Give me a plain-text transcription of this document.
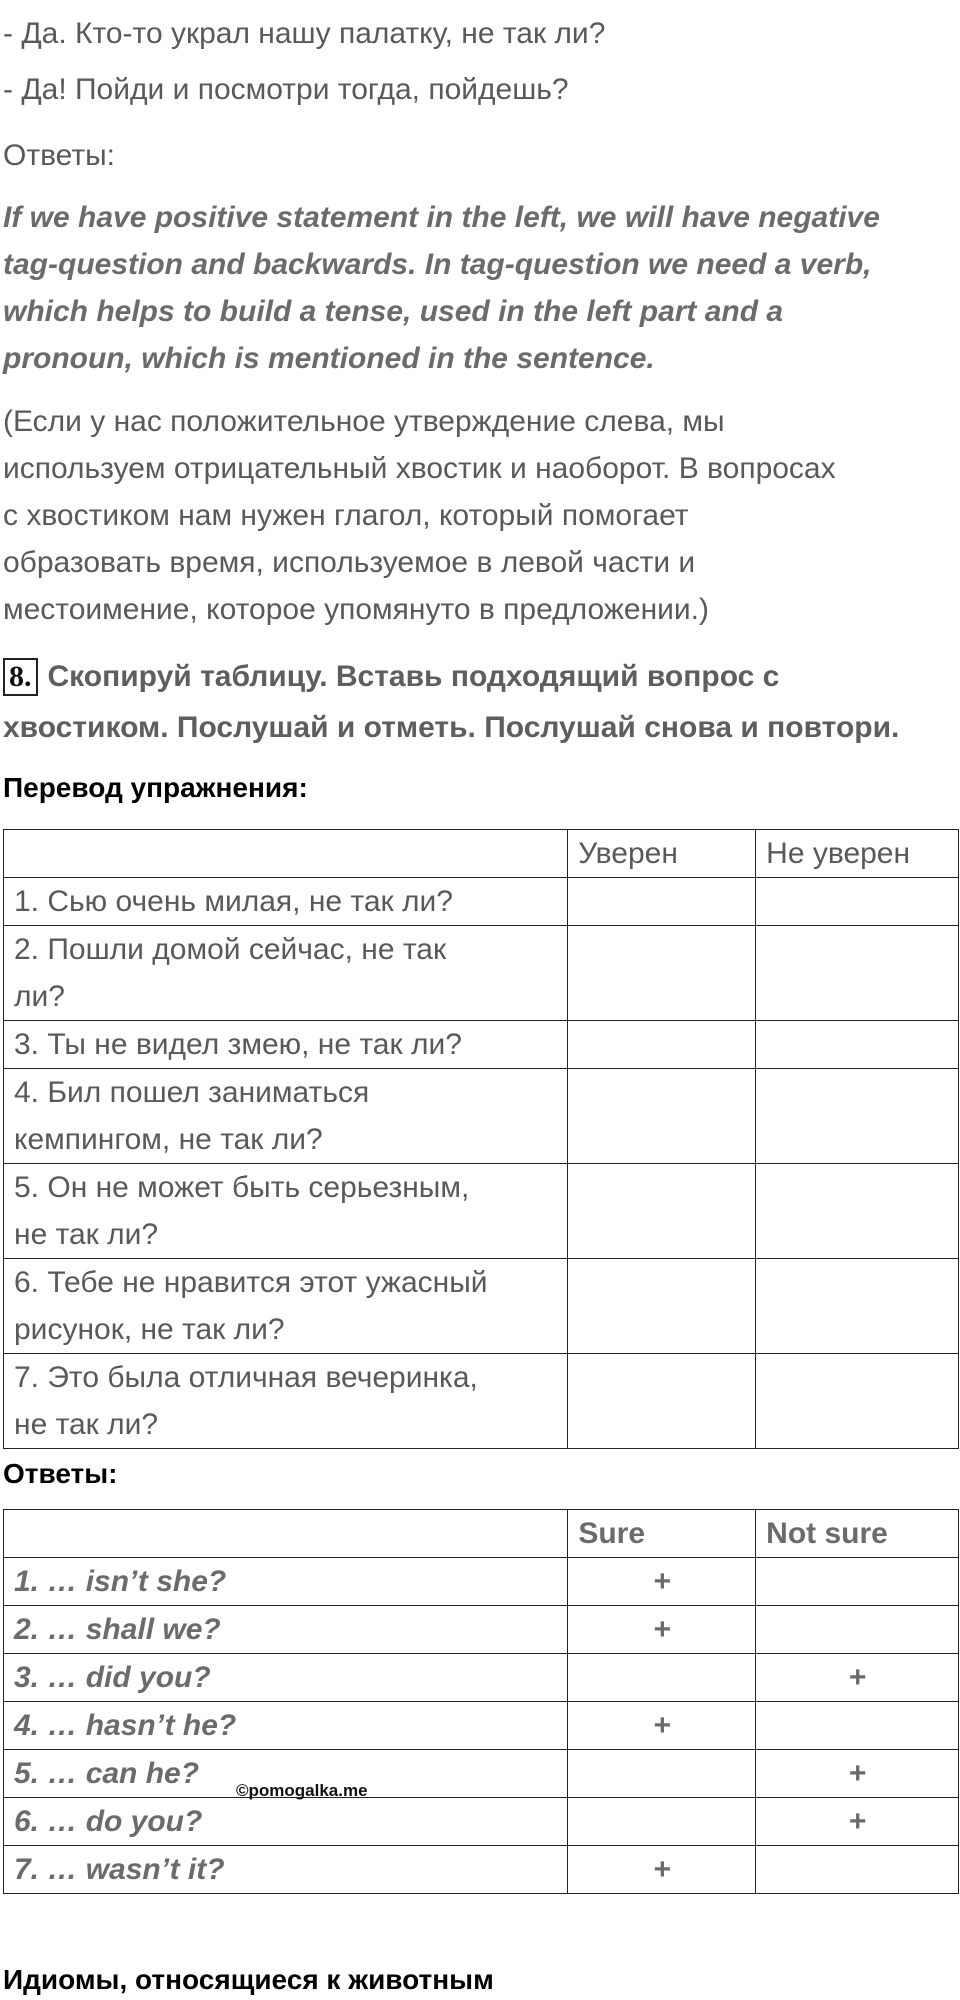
- Да. Кто-то украл нашу палатку, не так ли?
- Да! Пойди и посмотри тогда, пойдешь?
Ответы:
If we have positive statement in the left, we will have negative
tag-question and backwards. In tag-question we need a verb,
which helps to build a tense, used in the left part and a
pronoun, which is mentioned in the sentence.
(Если у нас положительное утверждение слева, мы
используем отрицательный хвостик и наоборот. В вопросах
с хвостиком нам нужен глагол, который помогает
образовать время, используемое в левой части и
местоимение, которое упомянуто в предложении.)
8. Скопируй таблицу. Вставь подходящий вопрос с
хвостиком. Послушай и отметь. Послушай снова и повтори.
Перевод упражнения:
	Уверен	Не уверен
1. Сью очень милая, не так ли?		
2. Пошли домой сейчас, не так
ли?		
3. Ты не видел змею, не так ли?		
4. Бил пошел заниматься
кемпингом, не так ли?		
5. Он не может быть серьезным,
не так ли?		
6. Тебе не нравится этот ужасный
рисунок, не так ли?		
7. Это была отличная вечеринка,
не так ли?		
Ответы:
	Sure	Not sure
1. … isn’t she?	+	
2. … shall we?	+	
3. … did you?		+
4. … hasn’t he?	+	
5. … can he?		+
6. … do you?		+
7. … wasn’t it?	+	
©pomogalka.me
Идиомы, относящиеся к животным
